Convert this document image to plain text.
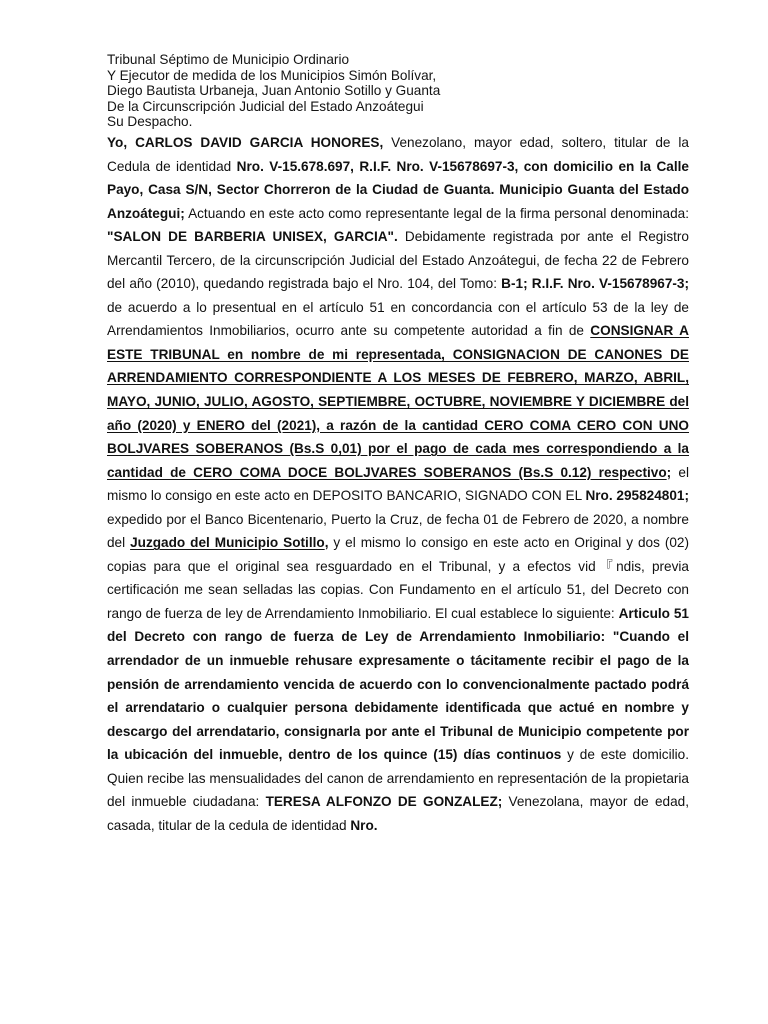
Tribunal Séptimo de Municipio Ordinario
Y Ejecutor de medida de los Municipios Simón Bolívar,
Diego Bautista Urbaneja, Juan Antonio Sotillo y Guanta
De la Circunscripción Judicial del Estado Anzoátegui
Su Despacho.
Yo, CARLOS DAVID GARCIA HONORES, Venezolano, mayor edad, soltero, titular de la Cedula de identidad Nro. V-15.678.697, R.I.F. Nro. V-15678697-3, con domicilio en la Calle Payo, Casa S/N, Sector Chorreron de la Ciudad de Guanta. Municipio Guanta del Estado Anzoátegui; Actuando en este acto como representante legal de la firma personal denominada: "SALON DE BARBERIA UNISEX, GARCIA". Debidamente registrada por ante el Registro Mercantil Tercero, de la circunscripción Judicial del Estado Anzoátegui, de fecha 22 de Febrero del año (2010), quedando registrada bajo el Nro. 104, del Tomo: B-1; R.I.F. Nro. V-15678967-3; de acuerdo a lo presentual en el artículo 51 en concordancia con el artículo 53 de la ley de Arrendamientos Inmobiliarios, ocurro ante su competente autoridad a fin de CONSIGNAR A ESTE TRIBUNAL en nombre de mi representada, CONSIGNACION DE CANONES DE ARRENDAMIENTO CORRESPONDIENTE A LOS MESES DE FEBRERO, MARZO, ABRIL, MAYO, JUNIO, JULIO, AGOSTO, SEPTIEMBRE, OCTUBRE, NOVIEMBRE Y DICIEMBRE del año (2020) y ENERO del (2021), a razón de la cantidad CERO COMA CERO CON UNO BOLJVARES SOBERANOS (Bs.S 0,01) por el pago de cada mes correspondiendo a la cantidad de CERO COMA DOCE BOLJVARES SOBERANOS (Bs.S 0.12) respectivo; el mismo lo consigo en este acto en DEPOSITO BANCARIO, SIGNADO CON EL Nro. 295824801; expedido por el Banco Bicentenario, Puerto la Cruz, de fecha 01 de Febrero de 2020, a nombre del Juzgado del Municipio Sotillo, y el mismo lo consigo en este acto en Original y dos (02) copias para que el original sea resguardado en el Tribunal, y a efectos vid『ndis, previa certificación me sean selladas las copias. Con Fundamento en el artículo 51, del Decreto con rango de fuerza de ley de Arrendamiento Inmobiliario. El cual establece lo siguiente: Articulo 51 del Decreto con rango de fuerza de Ley de Arrendamiento Inmobiliario: "Cuando el arrendador de un inmueble rehusare expresamente o tácitamente recibir el pago de la pensión de arrendamiento vencida de acuerdo con lo convencionalmente pactado podrá el arrendatario o cualquier persona debidamente identificada que actué en nombre y descargo del arrendatario, consignarla por ante el Tribunal de Municipio competente por la ubicación del inmueble, dentro de los quince (15) días continuos y de este domicilio. Quien recibe las mensualidades del canon de arrendamiento en representación de la propietaria del inmueble ciudadana: TERESA ALFONZO DE GONZALEZ; Venezolana, mayor de edad, casada, titular de la cedula de identidad Nro.
